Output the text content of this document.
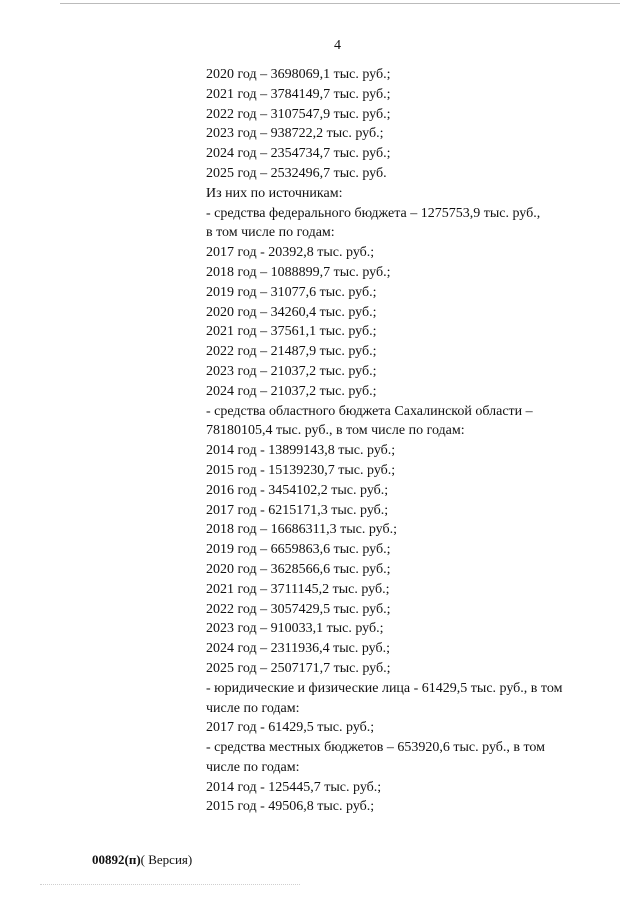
4
2020 год – 3698069,1 тыс. руб.;
2021 год – 3784149,7 тыс. руб.;
2022 год – 3107547,9 тыс. руб.;
2023 год – 938722,2 тыс. руб.;
2024 год – 2354734,7 тыс. руб.;
2025 год – 2532496,7 тыс. руб.
Из них по источникам:
- средства федерального бюджета – 1275753,9 тыс. руб.,
в том числе по годам:
2017 год - 20392,8 тыс. руб.;
2018 год – 1088899,7 тыс. руб.;
2019 год – 31077,6 тыс. руб.;
2020 год – 34260,4 тыс. руб.;
2021 год – 37561,1 тыс. руб.;
2022 год – 21487,9 тыс. руб.;
2023 год – 21037,2 тыс. руб.;
2024 год – 21037,2 тыс. руб.;
- средства областного бюджета Сахалинской области –
78180105,4 тыс. руб., в том числе по годам:
2014 год - 13899143,8 тыс. руб.;
2015 год - 15139230,7 тыс. руб.;
2016 год - 3454102,2 тыс. руб.;
2017 год - 6215171,3 тыс. руб.;
2018 год – 16686311,3 тыс. руб.;
2019 год – 6659863,6 тыс. руб.;
2020 год – 3628566,6 тыс. руб.;
2021 год – 3711145,2 тыс. руб.;
2022 год – 3057429,5 тыс. руб.;
2023 год – 910033,1 тыс. руб.;
2024 год – 2311936,4 тыс. руб.;
2025 год – 2507171,7 тыс. руб.;
- юридические и физические лица - 61429,5 тыс. руб., в том
числе по годам:
2017 год - 61429,5 тыс. руб.;
- средства местных бюджетов – 653920,6 тыс. руб., в том
числе по годам:
2014 год - 125445,7 тыс. руб.;
2015 год - 49506,8 тыс. руб.;
00892(п)( Версия)
